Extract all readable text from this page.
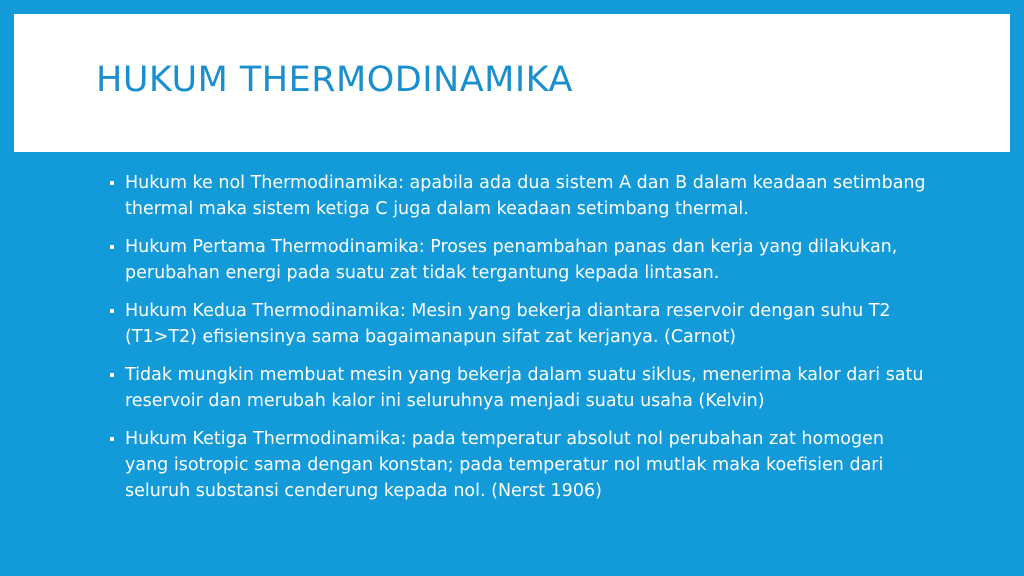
HUKUM THERMODINAMIKA
Hukum ke nol Thermodinamika: apabila ada dua sistem A dan B dalam keadaan setimbang thermal maka sistem ketiga C juga dalam keadaan setimbang thermal.
Hukum Pertama Thermodinamika: Proses penambahan panas dan kerja yang dilakukan, perubahan energi pada suatu zat tidak tergantung kepada lintasan.
Hukum Kedua Thermodinamika: Mesin yang bekerja diantara reservoir dengan suhu T2 (T1>T2) efisiensinya sama bagaimanapun sifat zat kerjanya. (Carnot)
Tidak mungkin membuat mesin yang bekerja dalam suatu siklus, menerima kalor dari satu reservoir dan merubah kalor ini seluruhnya menjadi suatu usaha (Kelvin)
Hukum Ketiga Thermodinamika: pada temperatur absolut nol perubahan zat homogen yang isotropic sama dengan konstan; pada temperatur nol mutlak maka koefisien dari seluruh substansi cenderung kepada nol. (Nerst 1906)
